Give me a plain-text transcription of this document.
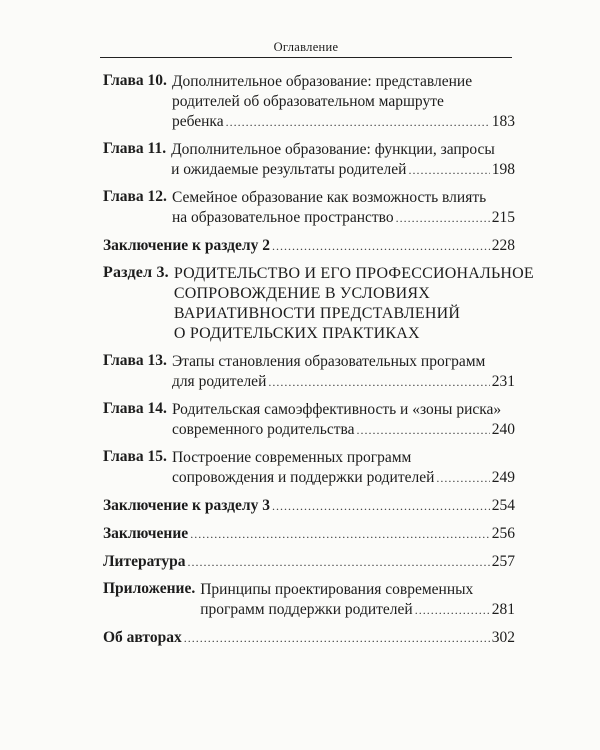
Оглавление
Глава 10. Дополнительное образование: представление
родителей об образовательном маршруте
ребенка .....	183
Глава 11. Дополнительное образование: функции, запросы
и ожидаемые результаты родителей .....	198
Глава 12. Семейное образование как возможность влиять
на образовательное пространство .....	215
Заключение к разделу 2 .....	228
Раздел 3. РОДИТЕЛЬСТВО И ЕГО ПРОФЕССИОНАЛЬНОЕ
СОПРОВОЖДЕНИЕ В УСЛОВИЯХ
ВАРИАТИВНОСТИ ПРЕДСТАВЛЕНИЙ
О РОДИТЕЛЬСКИХ ПРАКТИКАХ
Глава 13. Этапы становления образовательных программ
для родителей .....	231
Глава 14. Родительская самоэффективность и «зоны риска»
современного родительства .....	240
Глава 15. Построение современных программ
сопровождения и поддержки родителей .....	249
Заключение к разделу 3 .....	254
Заключение .....	256
Литература .....	257
Приложение. Принципы проектирования современных
программ поддержки родителей .....	281
Об авторах .....	302
